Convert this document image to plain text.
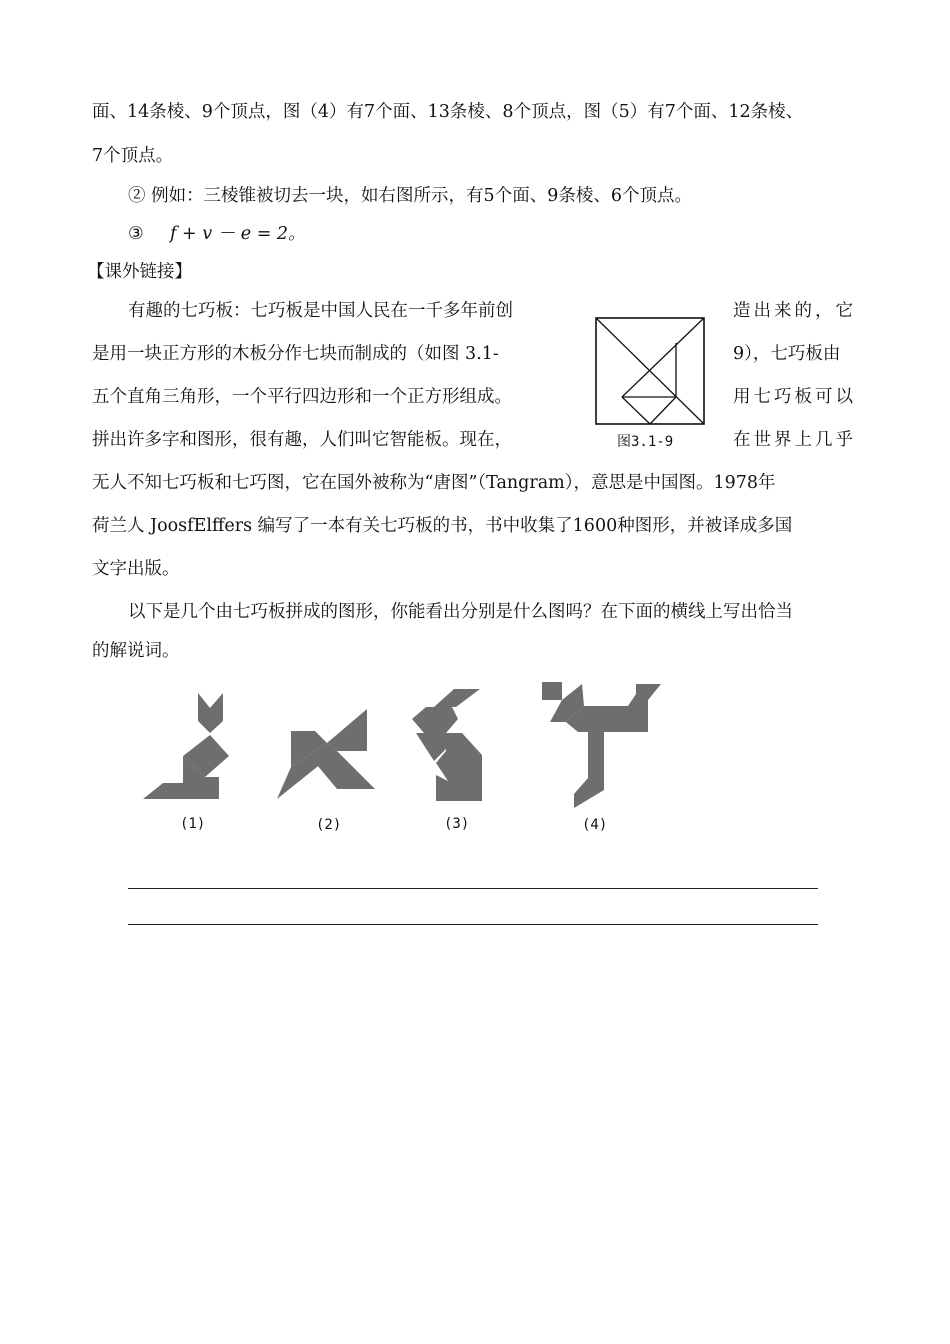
面、14条棱、9个顶点，图（4）有7个面、13条棱、8个顶点，图（5）有7个面、12条棱、
7个顶点。
② 例如：三棱锥被切去一块，如右图所示，有5个面、9条棱、6个顶点。
③ f + v － e = 2。
【课外链接】
有趣的七巧板：七巧板是中国人民在一千多年前创	造出来的，它
是用一块正方形的木板分作七块而制成的（如图 3.1-	9），七巧板由
五个直角三角形，一个平行四边形和一个正方形组成。	用七巧板可以
拼出许多字和图形，很有趣，人们叫它智能板。现在，	在世界上几乎
无人不知七巧板和七巧图，它在国外被称为“唐图”（Tangram），意思是中国图。1978年
荷兰人 JoosfElffers 编写了一本有关七巧板的书，书中收集了1600种图形，并被译成多国
文字出版。
以下是几个由七巧板拼成的图形，你能看出分别是什么图吗？在下面的横线上写出恰当
的解说词。
图3.1-9
(1)	(2)	(3)	(4)
